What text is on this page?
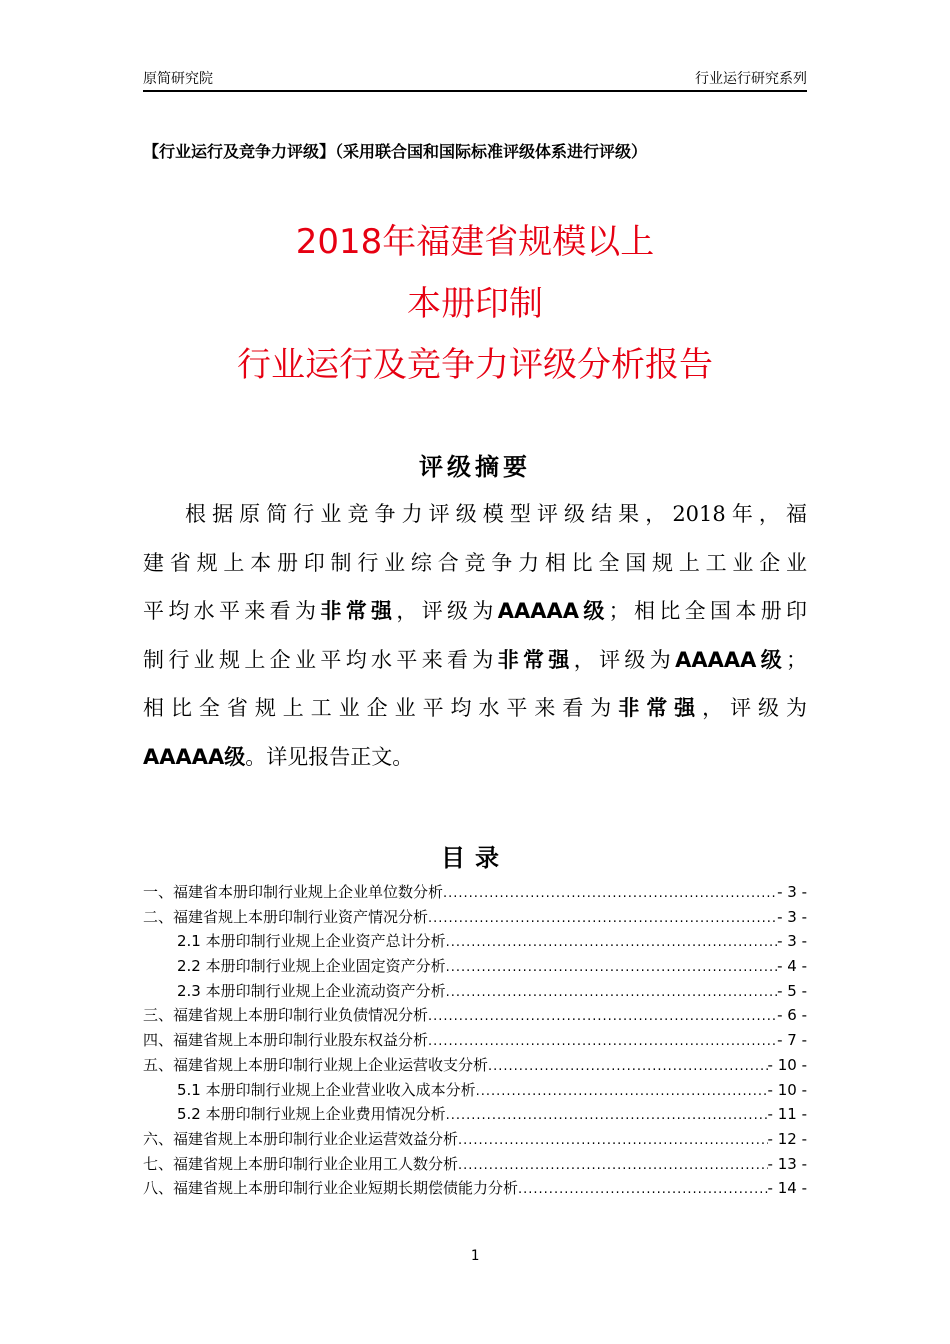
原简研究院	行业运行研究系列
【行业运行及竞争力评级】（采用联合国和国际标准评级体系进行评级）
2018年福建省规模以上
本册印制
行业运行及竞争力评级分析报告
评级摘要
根据原简行业竞争力评级模型评级结果，2018年，福
建省规上本册印制行业综合竞争力相比全国规上工业企业
平均水平来看为非常强，评级为AAAAA级；相比全国本册印
制行业规上企业平均水平来看为非常强，评级为AAAAA级；
相比全省规上工业企业平均水平来看为非常强，评级为
AAAAA级。详见报告正文。
目录
一、福建省本册印制行业规上企业单位数分析 .....	- 3 -
二、福建省规上本册印制行业资产情况分析 .....	- 3 -
2.1 本册印制行业规上企业资产总计分析 .....	- 3 -
2.2 本册印制行业规上企业固定资产分析 .....	- 4 -
2.3 本册印制行业规上企业流动资产分析 .....	- 5 -
三、福建省规上本册印制行业负债情况分析 .....	- 6 -
四、福建省规上本册印制行业股东权益分析 .....	- 7 -
五、福建省规上本册印制行业规上企业运营收支分析 .....	- 10 -
5.1 本册印制行业规上企业营业收入成本分析 .....	- 10 -
5.2 本册印制行业规上企业费用情况分析 .....	- 11 -
六、福建省规上本册印制行业企业运营效益分析 .....	- 12 -
七、福建省规上本册印制行业企业用工人数分析 .....	- 13 -
八、福建省规上本册印制行业企业短期长期偿债能力分析 .....	- 14 -
1
